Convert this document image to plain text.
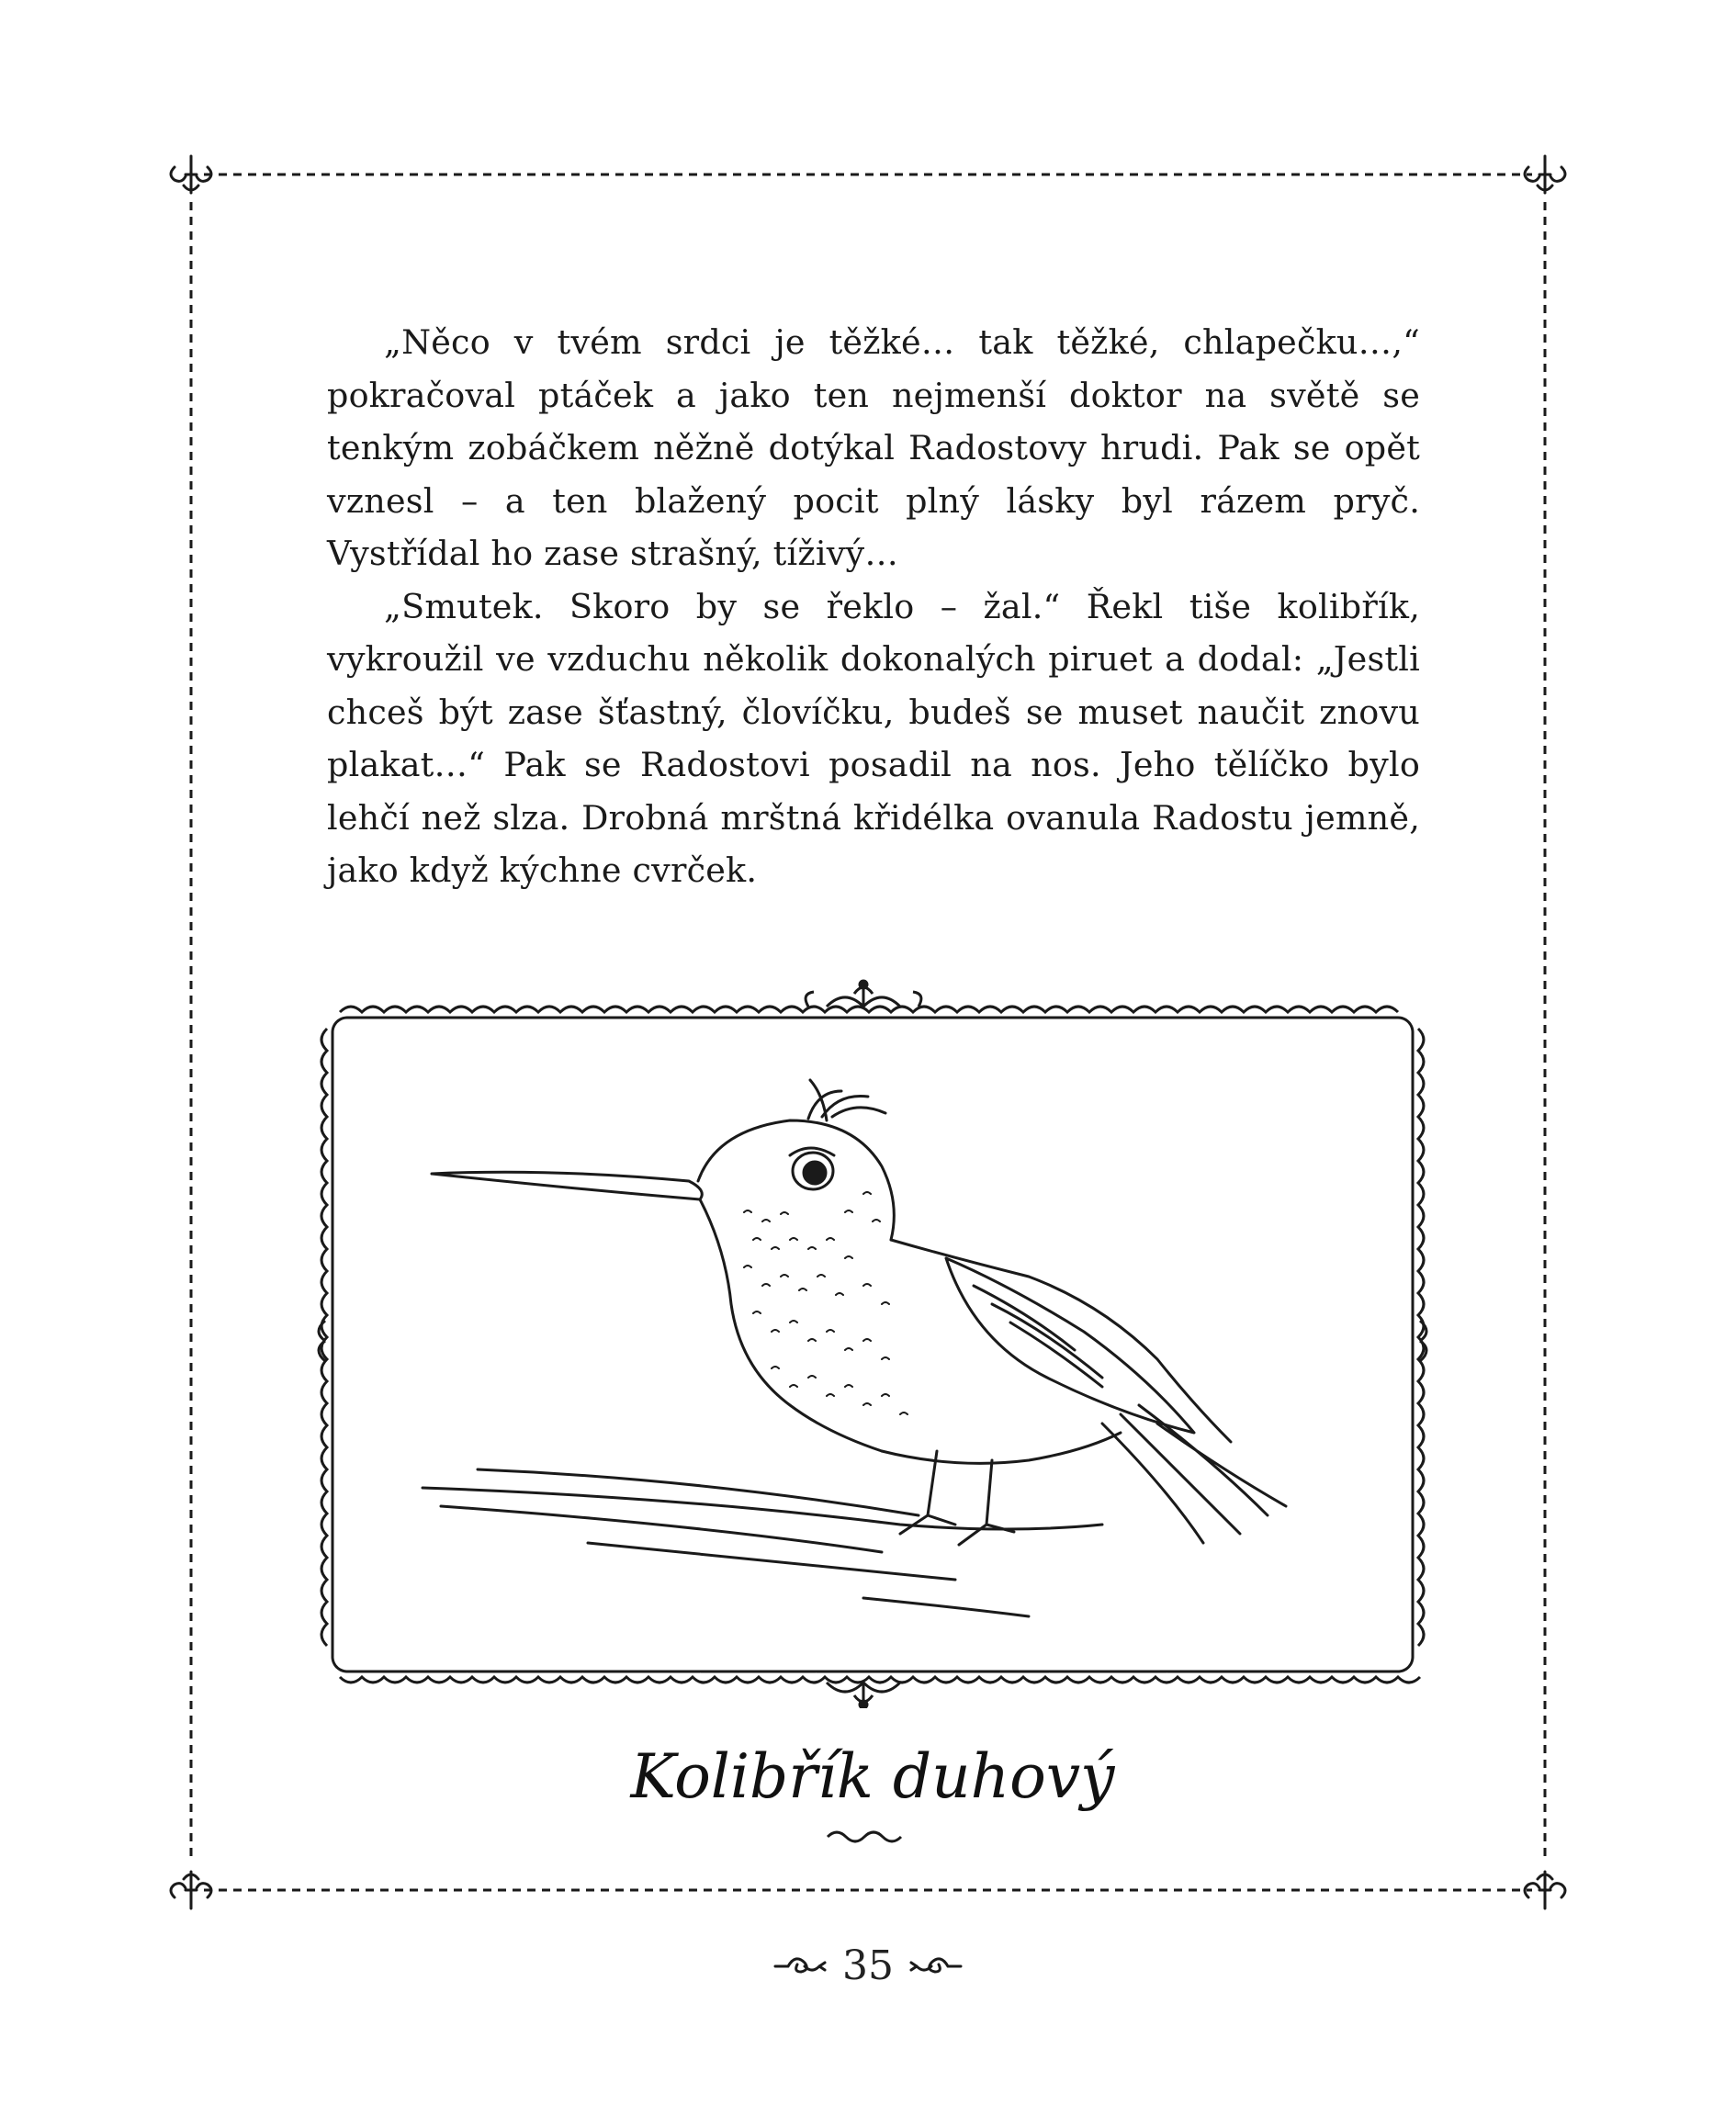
„Něco v tvém srdci je těžké… tak těžké, chlapečku…,“ pokračoval ptáček a jako ten nejmenší doktor na světě se tenkým zobáčkem něžně dotýkal Radostovy hrudi. Pak se opět vznesl – a ten blažený pocit plný lásky byl rázem pryč. Vystřídal ho zase strašný, tíživý…

„Smutek. Skoro by se řeklo – žal.“ Řekl tiše kolibřík, vykroužil ve vzduchu několik dokonalých piruet a dodal: „Jestli chceš být zase šťastný, človíčku, budeš se muset naučit znovu plakat…“ Pak se Radostovi posadil na nos. Jeho tělíčko bylo lehčí než slza. Drobná mrštná křidélka ovanula Radostu jemně, jako když kýchne cvrček.

Kolibřík duhový
35
